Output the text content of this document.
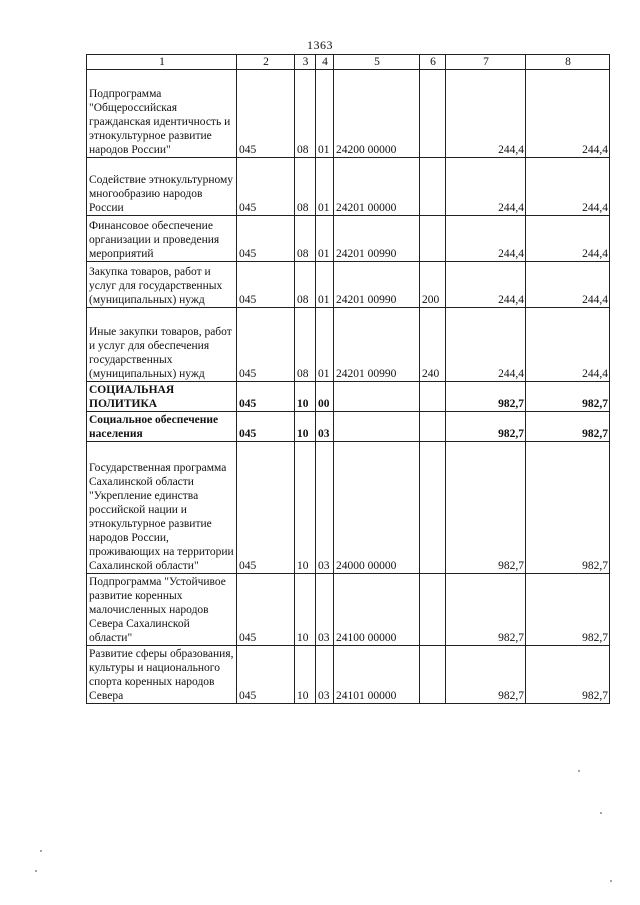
1363
1	2	3	4	5	6	7	8
Подпрограмма "Общероссийская гражданская идентичность и этнокультурное развитие народов России"	045	08	01	24200 00000		244,4	244,4
Содействие этнокультурному многообразию народов России	045	08	01	24201 00000		244,4	244,4
Финансовое обеспечение организации и проведения мероприятий	045	08	01	24201 00990		244,4	244,4
Закупка товаров, работ и услуг для государственных (муниципальных) нужд	045	08	01	24201 00990	200	244,4	244,4
Иные закупки товаров, работ и услуг для обеспечения государственных (муниципальных) нужд	045	08	01	24201 00990	240	244,4	244,4
СОЦИАЛЬНАЯ ПОЛИТИКА	045	10	00			982,7	982,7
Социальное обеспечение населения	045	10	03			982,7	982,7
Государственная программа Сахалинской области "Укрепление единства российской нации и этнокультурное развитие народов России, проживающих на территории Сахалинской области"	045	10	03	24000 00000		982,7	982,7
Подпрограмма "Устойчивое развитие коренных малочисленных народов Севера Сахалинской области"	045	10	03	24100 00000		982,7	982,7
Развитие сферы образования, культуры и национального спорта коренных народов Севера	045	10	03	24101 00000		982,7	982,7
